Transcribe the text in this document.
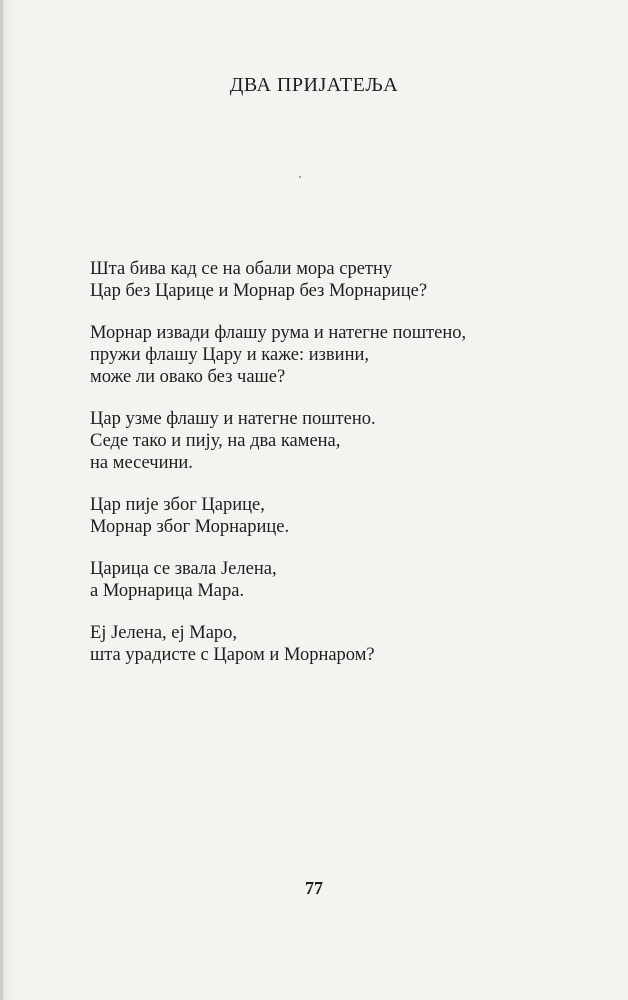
ДВА ПРИЈАТЕЉА
Шта бива кад се на обали мора сретну
Цар без Царице и Морнар без Морнарице?
Морнар извади флашу рума и натегне поштено,
пружи флашу Цару и каже: извини,
може ли овако без чаше?
Цар узме флашу и натегне поштено.
Седе тако и пију, на два камена,
на месечини.
Цар пије због Царице,
Морнар због Морнарице.
Царица се звала Јелена,
а Морнарица Мара.
Еј Јелена, еј Маро,
шта урадисте с Царом и Морнаром?
77
